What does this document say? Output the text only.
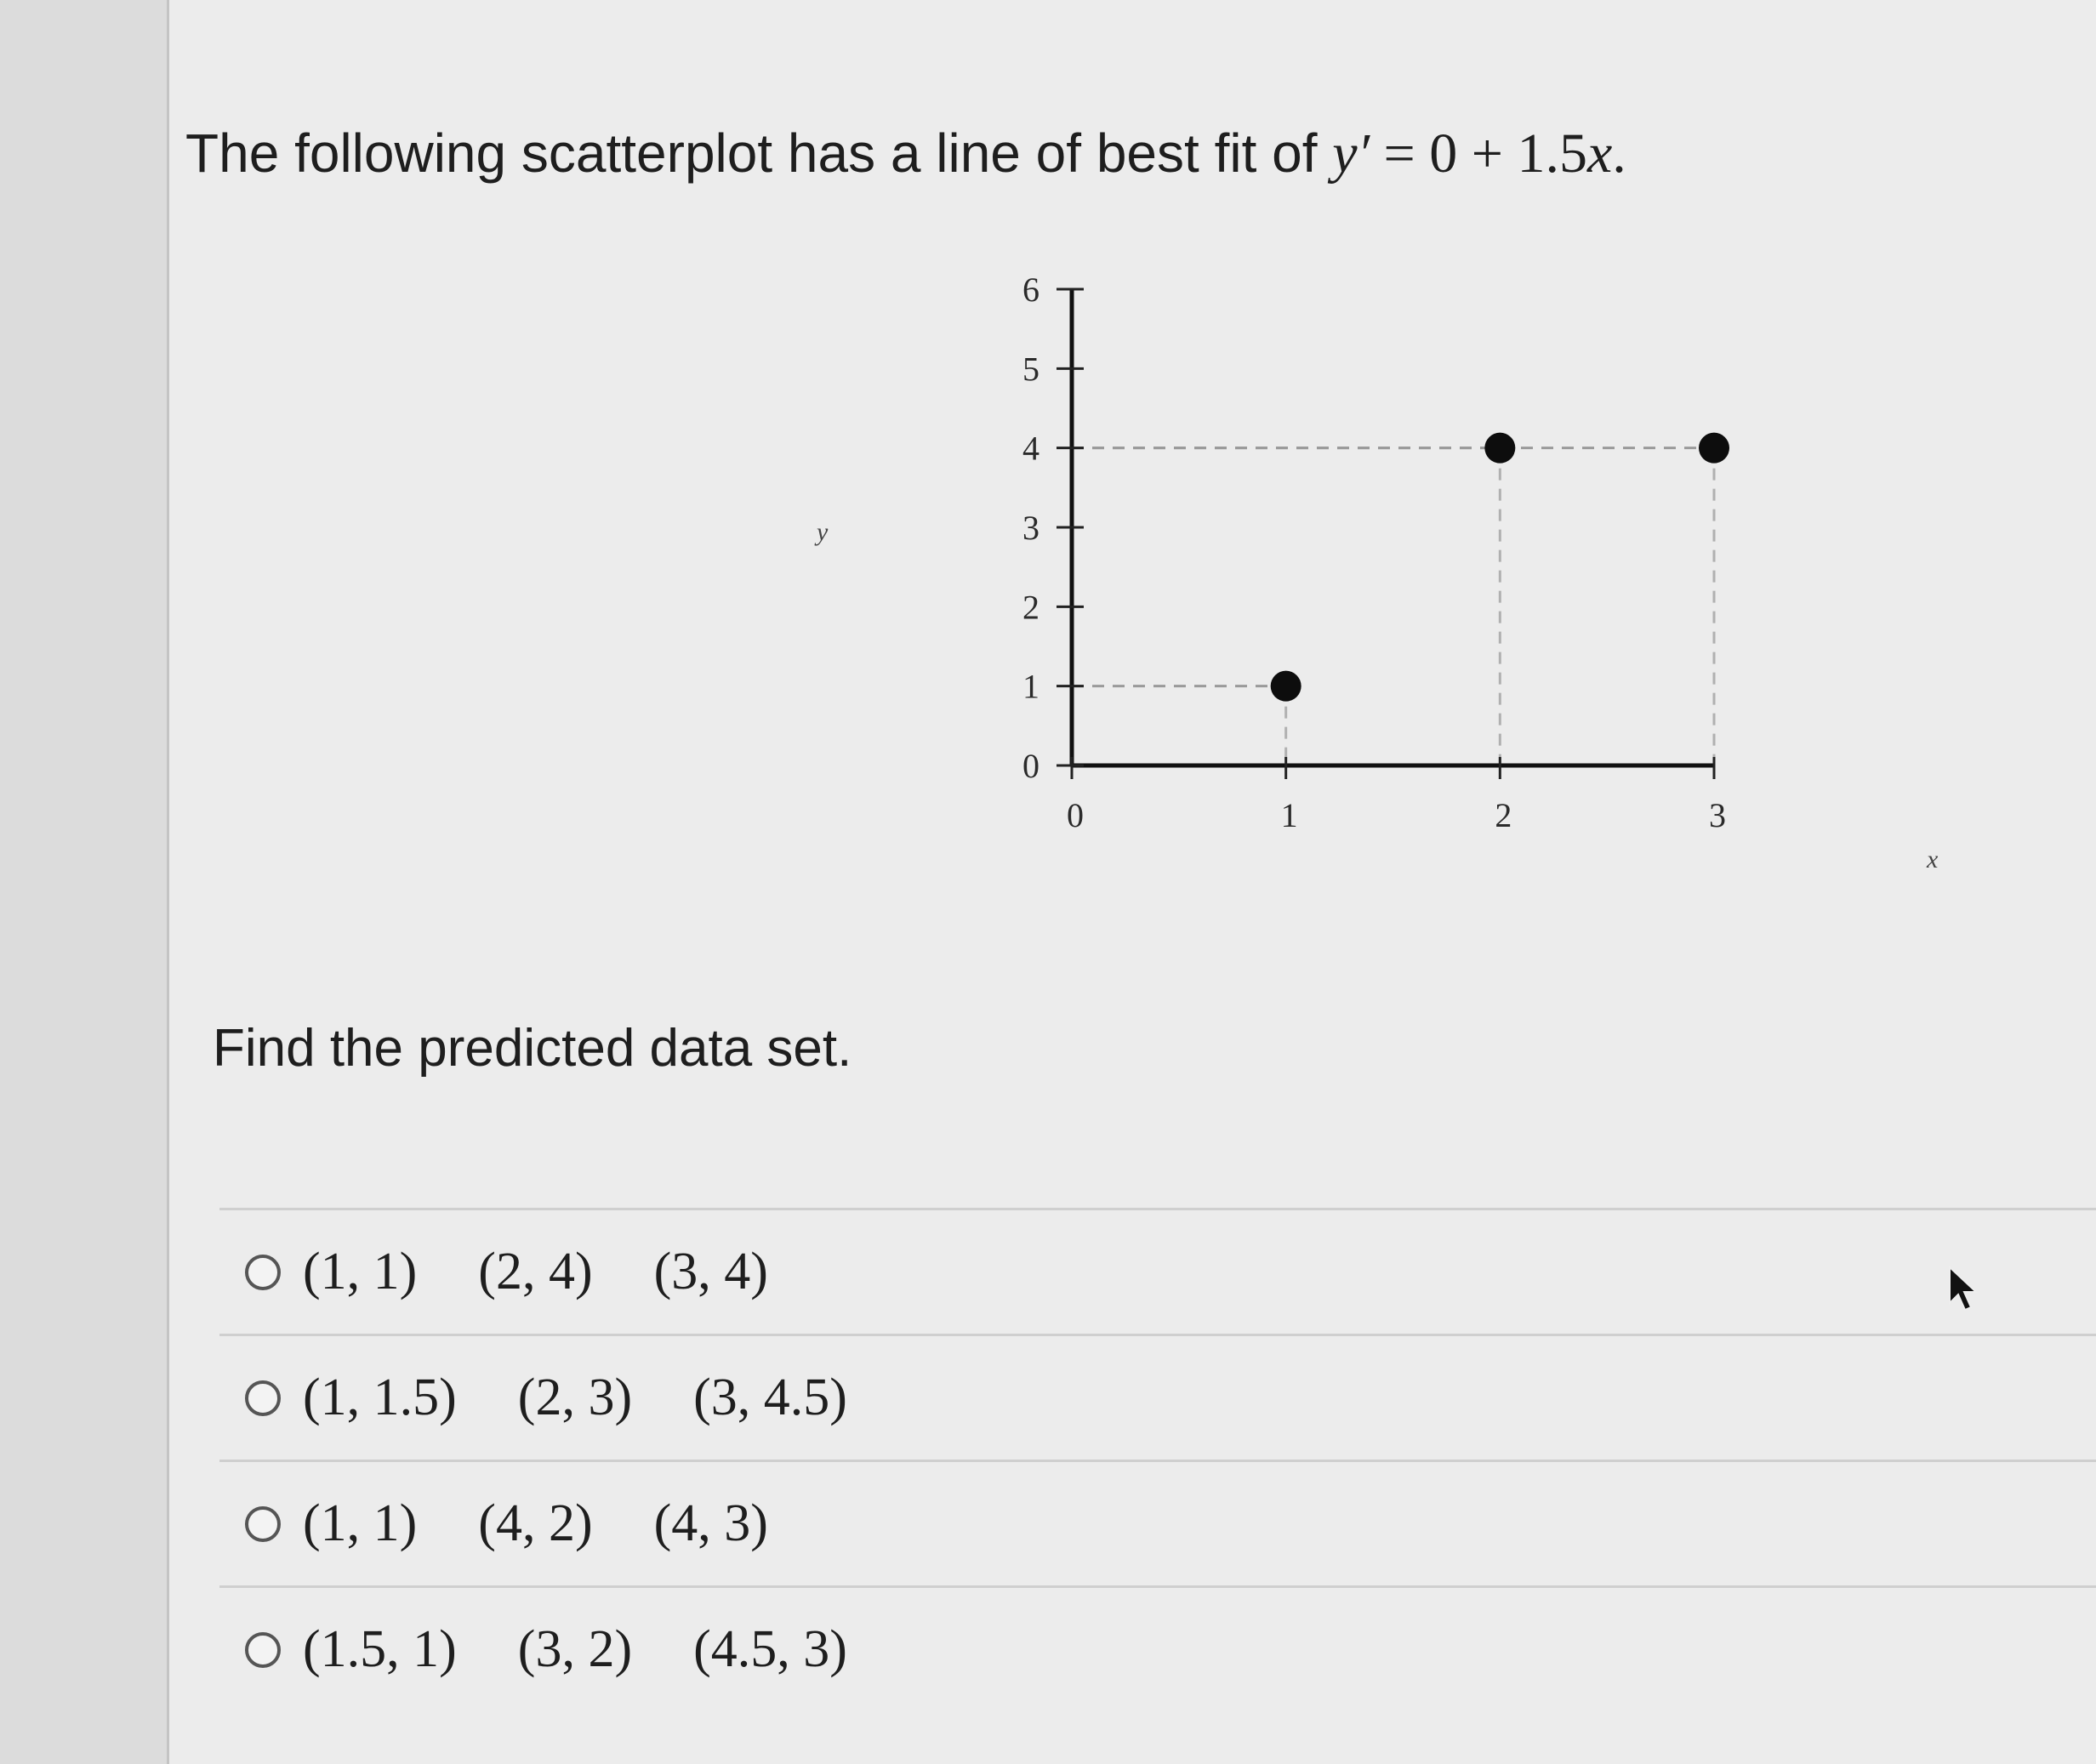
The following scatterplot has a line of best fit of y′ = 0 + 1.5x.
0
1
2
3
4
5
6
0	1	2	3
y
x
Find the predicted data set.
(1, 1) (2, 4) (3, 4)
(1, 1.5) (2, 3) (3, 4.5)
(1, 1) (4, 2) (4, 3)
(1.5, 1) (3, 2) (4.5, 3)
